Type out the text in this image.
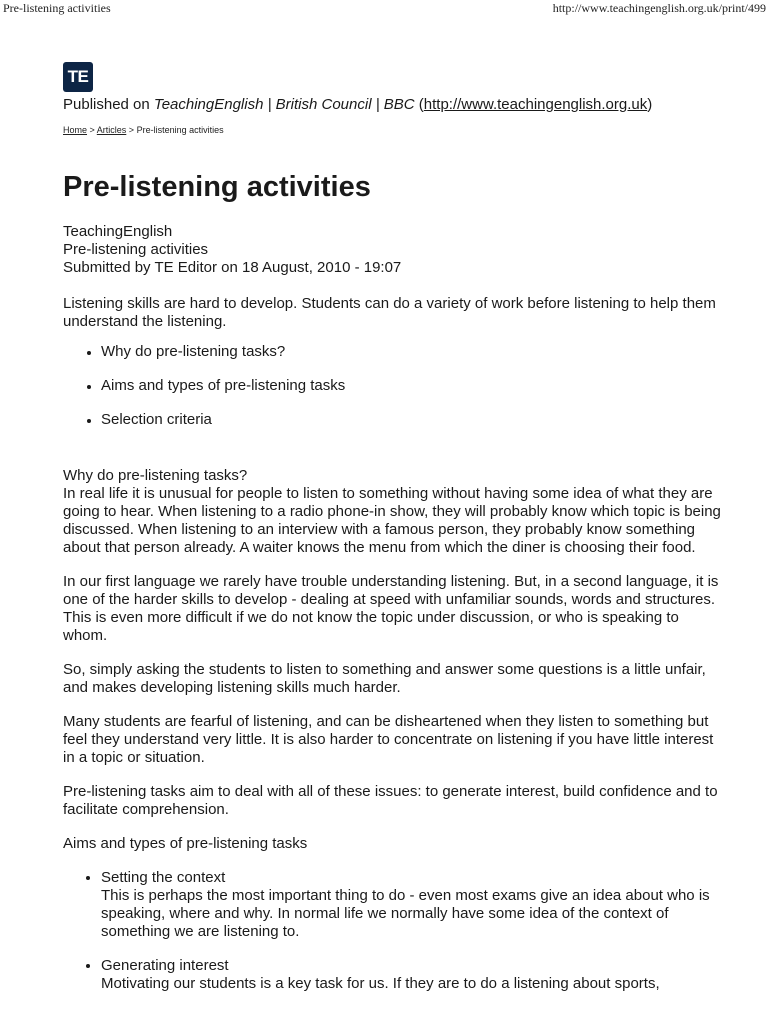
Pre-listening activities	http://www.teachingenglish.org.uk/print/499
TE
Published on TeachingEnglish | British Council | BBC (http://www.teachingenglish.org.uk)
Home > Articles > Pre-listening activities
Pre-listening activities
TeachingEnglish
Pre-listening activities
Submitted by TE Editor on 18 August, 2010 - 19:07

Listening skills are hard to develop. Students can do a variety of work before listening to help them understand the listening.

• Why do pre-listening tasks?
• Aims and types of pre-listening tasks
• Selection criteria

Why do pre-listening tasks?

In real life it is unusual for people to listen to something without having some idea of what they are going to hear. When listening to a radio phone-in show, they will probably know which topic is being discussed. When listening to an interview with a famous person, they probably know something about that person already. A waiter knows the menu from which the diner is choosing their food.

In our first language we rarely have trouble understanding listening. But, in a second language, it is one of the harder skills to develop - dealing at speed with unfamiliar sounds, words and structures. This is even more difficult if we do not know the topic under discussion, or who is speaking to whom.

So, simply asking the students to listen to something and answer some questions is a little unfair, and makes developing listening skills much harder.

Many students are fearful of listening, and can be disheartened when they listen to something but feel they understand very little. It is also harder to concentrate on listening if you have little interest in a topic or situation.

Pre-listening tasks aim to deal with all of these issues: to generate interest, build confidence and to facilitate comprehension.

Aims and types of pre-listening tasks

• Setting the context
This is perhaps the most important thing to do - even most exams give an idea about who is speaking, where and why. In normal life we normally have some idea of the context of something we are listening to.
• Generating interest
Motivating our students is a key task for us. If they are to do a listening about sports,
